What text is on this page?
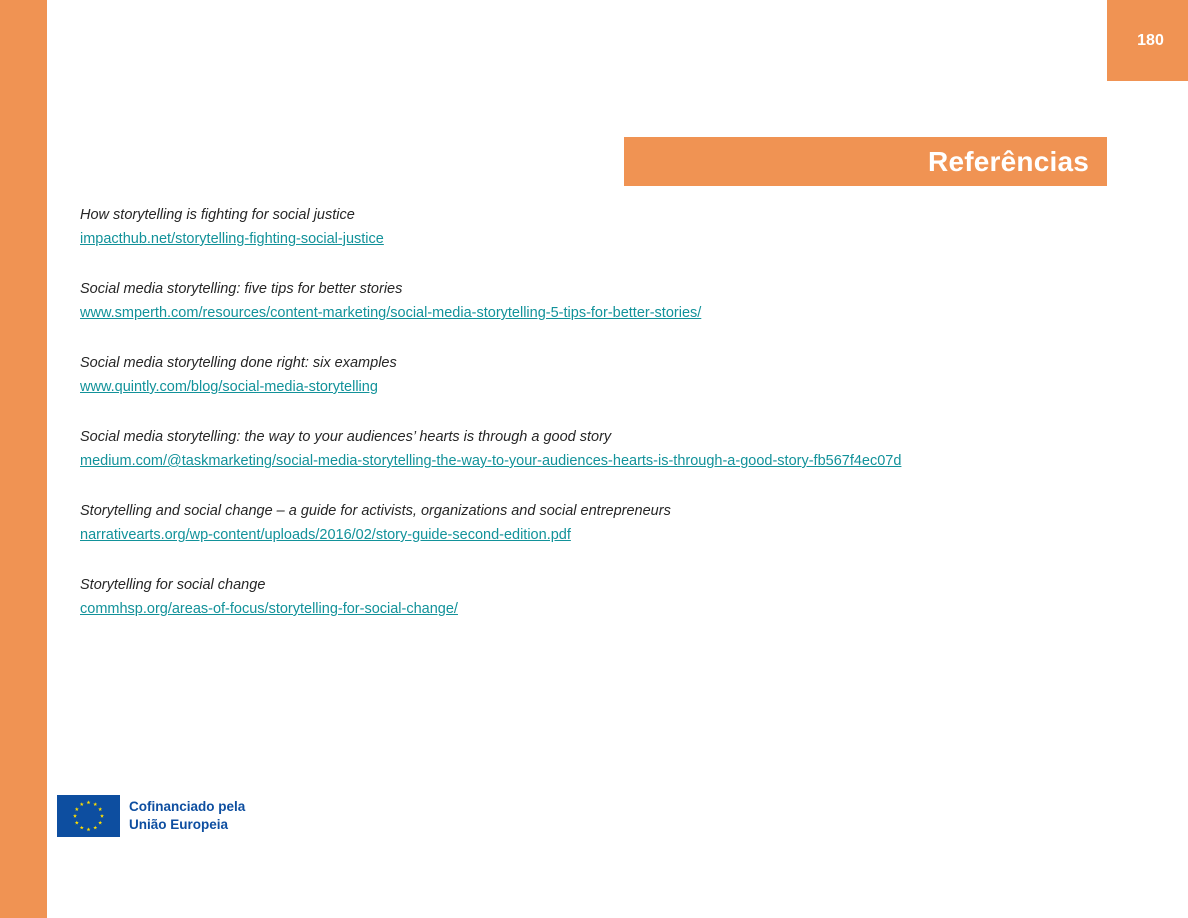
180
Referências
How storytelling is fighting for social justice
impacthub.net/storytelling-fighting-social-justice
Social media storytelling: five tips for better stories
www.smperth.com/resources/content-marketing/social-media-storytelling-5-tips-for-better-stories/
Social media storytelling done right: six examples
www.quintly.com/blog/social-media-storytelling
Social media storytelling: the way to your audiences’ hearts is through a good story
medium.com/@taskmarketing/social-media-storytelling-the-way-to-your-audiences-hearts-is-through-a-good-story-fb567f4ec07d
Storytelling and social change – a guide for activists, organizations and social entrepreneurs
narrativearts.org/wp-content/uploads/2016/02/story-guide-second-edition.pdf
Storytelling for social change
commhsp.org/areas-of-focus/storytelling-for-social-change/
Cofinanciado pela
União Europeia
